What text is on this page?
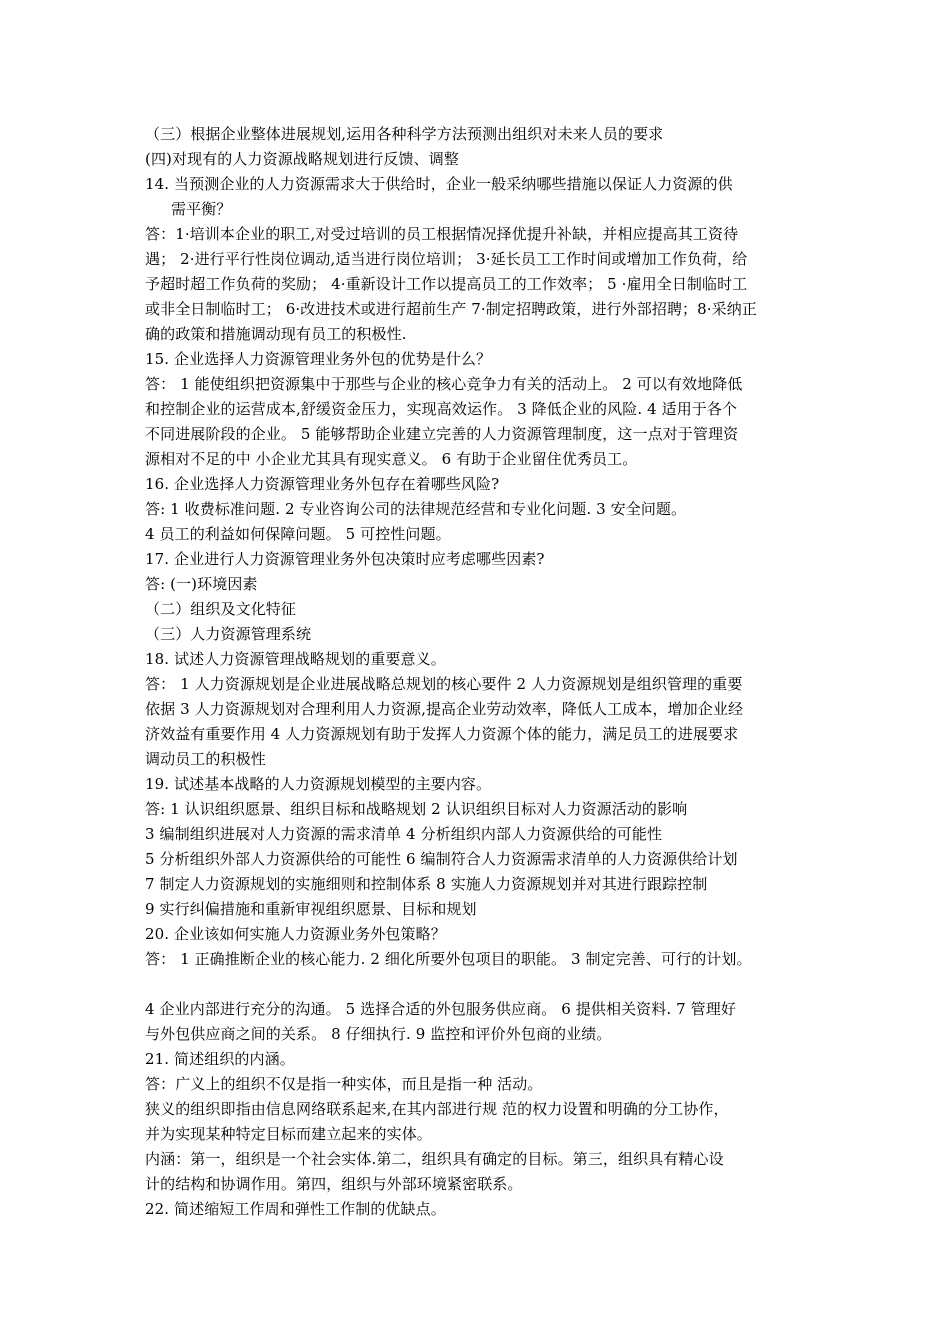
（三）根据企业整体进展规划,运用各种科学方法预测出组织对未来人员的要求
(四)对现有的人力资源战略规划进行反馈、调整
14. 当预测企业的人力资源需求大于供给时，企业一般采纳哪些措施以保证人力资源的供
需平衡？
答：1·培训本企业的职工,对受过培训的员工根据情况择优提升补缺，并相应提高其工资待
遇； 2·进行平行性岗位调动,适当进行岗位培训； 3·延长员工工作时间或增加工作负荷，给
予超时超工作负荷的奖励； 4·重新设计工作以提高员工的工作效率； 5 ·雇用全日制临时工
或非全日制临时工； 6·改进技术或进行超前生产 7·制定招聘政策，进行外部招聘；8·采纳正
确的政策和措施调动现有员工的积极性.
15. 企业选择人力资源管理业务外包的优势是什么？
答： 1 能使组织把资源集中于那些与企业的核心竞争力有关的活动上。 2 可以有效地降低
和控制企业的运营成本,舒缓资金压力，实现高效运作。 3 降低企业的风险. 4 适用于各个
不同进展阶段的企业。 5 能够帮助企业建立完善的人力资源管理制度，这一点对于管理资
源相对不足的中 小企业尤其具有现实意义。 6 有助于企业留住优秀员工。
16. 企业选择人力资源管理业务外包存在着哪些风险?
答: 1 收费标准问题. 2 专业咨询公司的法律规范经营和专业化问题. 3 安全问题。
4 员工的利益如何保障问题。 5 可控性问题。
17. 企业进行人力资源管理业务外包决策时应考虑哪些因素?
答: (一)环境因素
（二）组织及文化特征
（三）人力资源管理系统
18. 试述人力资源管理战略规划的重要意义。
答： 1 人力资源规划是企业进展战略总规划的核心要件 2 人力资源规划是组织管理的重要
依据 3 人力资源规划对合理利用人力资源,提高企业劳动效率，降低人工成本，增加企业经
济效益有重要作用 4 人力资源规划有助于发挥人力资源个体的能力，满足员工的进展要求
调动员工的积极性
19. 试述基本战略的人力资源规划模型的主要内容。
答: 1 认识组织愿景、组织目标和战略规划 2 认识组织目标对人力资源活动的影响
3 编制组织进展对人力资源的需求清单 4 分析组织内部人力资源供给的可能性
5 分析组织外部人力资源供给的可能性 6 编制符合人力资源需求清单的人力资源供给计划
7 制定人力资源规划的实施细则和控制体系 8 实施人力资源规划并对其进行跟踪控制
9 实行纠偏措施和重新审视组织愿景、目标和规划
20. 企业该如何实施人力资源业务外包策略？
答： 1 正确推断企业的核心能力. 2 细化所要外包项目的职能。 3 制定完善、可行的计划。
4 企业内部进行充分的沟通。 5 选择合适的外包服务供应商。 6 提供相关资料. 7 管理好
与外包供应商之间的关系。 8 仔细执行. 9 监控和评价外包商的业绩。
21. 简述组织的内涵。
答：广义上的组织不仅是指一种实体，而且是指一种 活动。
狭义的组织即指由信息网络联系起来,在其内部进行规 范的权力设置和明确的分工协作，
并为实现某种特定目标而建立起来的实体。
内涵：第一，组织是一个社会实体.第二，组织具有确定的目标。第三，组织具有精心设
计的结构和协调作用。第四，组织与外部环境紧密联系。
22. 简述缩短工作周和弹性工作制的优缺点。
